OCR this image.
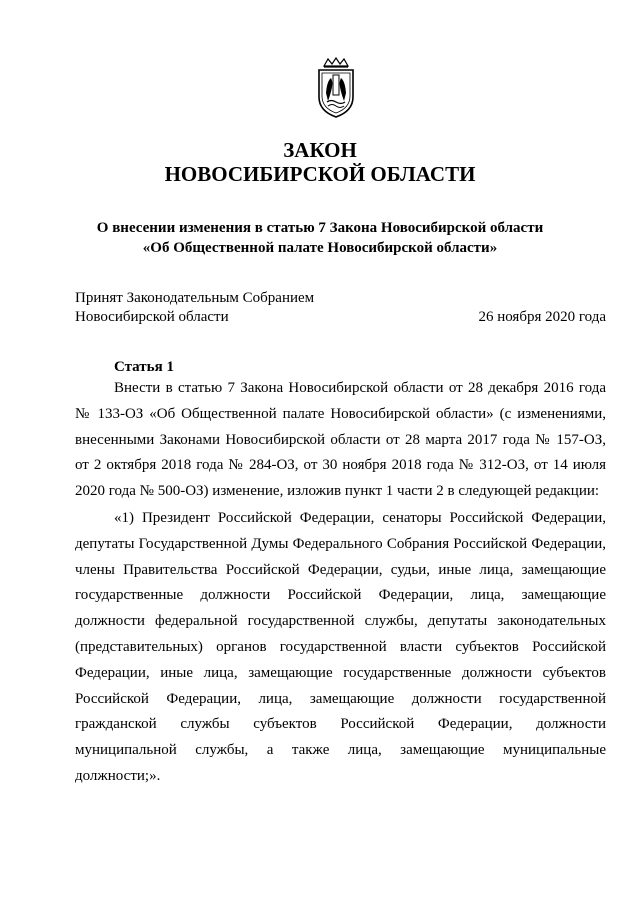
ЗАКОН
НОВОСИБИРСКОЙ ОБЛАСТИ
О внесении изменения в статью 7 Закона Новосибирской области
«Об Общественной палате Новосибирской области»
Принят Законодательным Собранием
Новосибирской области	26 ноября 2020 года
Статья 1

Внести в статью 7 Закона Новосибирской области от 28 декабря 2016 года № 133-ОЗ «Об Общественной палате Новосибирской области» (с изменениями, внесенными Законами Новосибирской области от 28 марта 2017 года № 157-ОЗ, от 2 октября 2018 года № 284-ОЗ, от 30 ноября 2018 года № 312-ОЗ, от 14 июля 2020 года № 500-ОЗ) изменение, изложив пункт 1 части 2 в следующей редакции:

«1) Президент Российской Федерации, сенаторы Российской Федерации, депутаты Государственной Думы Федерального Собрания Российской Федерации, члены Правительства Российской Федерации, судьи, иные лица, замещающие государственные должности Российской Федерации, лица, замещающие должности федеральной государственной службы, депутаты законодательных (представительных) органов государственной власти субъектов Российской Федерации, иные лица, замещающие государственные должности субъектов Российской Федерации, лица, замещающие должности государственной гражданской службы субъектов Российской Федерации, должности муниципальной службы, а также лица, замещающие муниципальные должности;».
